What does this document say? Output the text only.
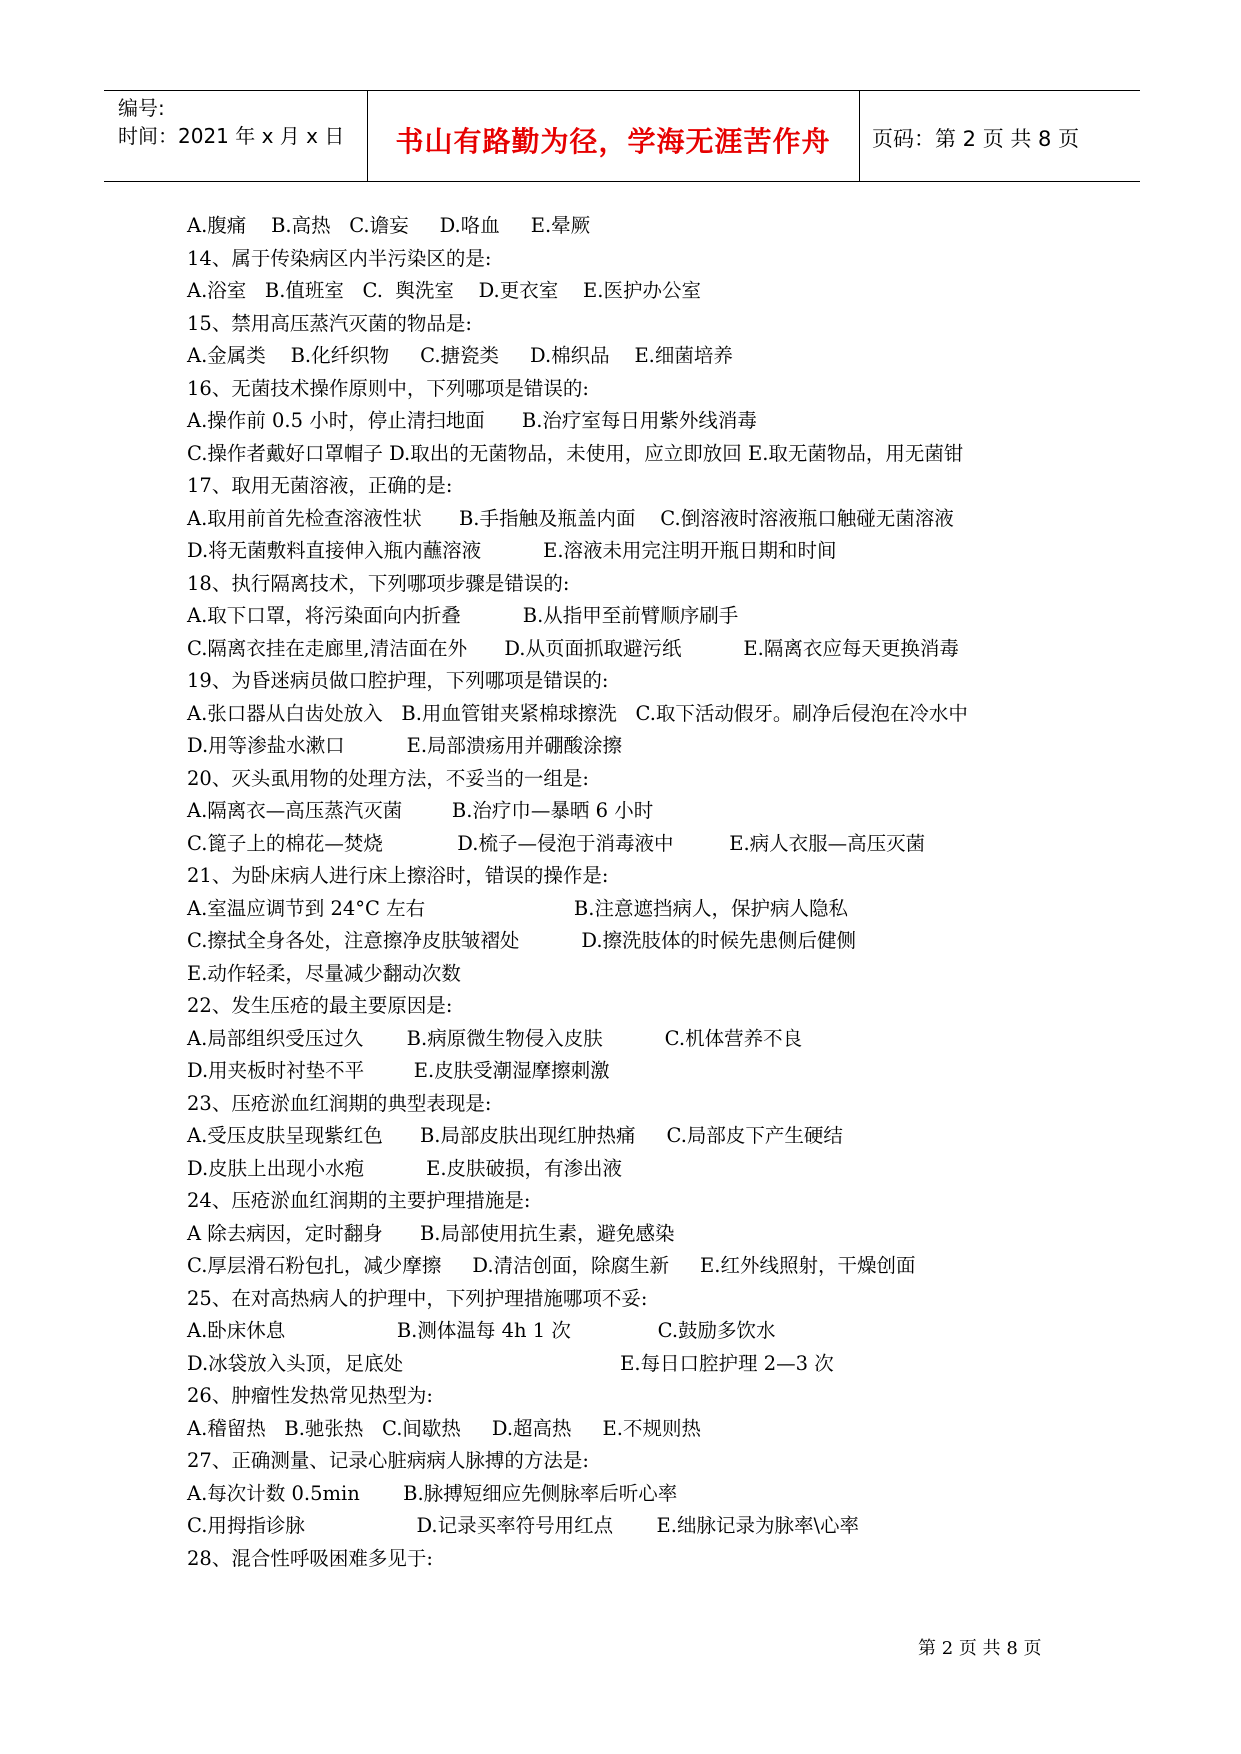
编号:
时间：2021 年 x 月 x 日	书山有路勤为径，学海无涯苦作舟	页码：第 2 页 共 8 页
A.腹痛    B.高热   C.谵妄     D.咯血     E.晕厥
14、属于传染病区内半污染区的是:
A.浴室   B.值班室   C.  舆洗室    D.更衣室    E.医护办公室
15、禁用高压蒸汽灭菌的物品是:
A.金属类    B.化纤织物     C.搪瓷类     D.棉织品    E.细菌培养
16、无菌技术操作原则中，下列哪项是错误的:
A.操作前 0.5 小时，停止清扫地面      B.治疗室每日用紫外线消毒
C.操作者戴好口罩帽子 D.取出的无菌物品，未使用，应立即放回 E.取无菌物品，用无菌钳
17、取用无菌溶液，正确的是:
A.取用前首先检查溶液性状      B.手指触及瓶盖内面    C.倒溶液时溶液瓶口触碰无菌溶液
D.将无菌敷料直接伸入瓶内蘸溶液          E.溶液未用完注明开瓶日期和时间
18、执行隔离技术，下列哪项步骤是错误的:
A.取下口罩，将污染面向内折叠          B.从指甲至前臂顺序刷手
C.隔离衣挂在走廊里,清洁面在外      D.从页面抓取避污纸          E.隔离衣应每天更换消毒
19、为昏迷病员做口腔护理，下列哪项是错误的:
A.张口器从白齿处放入   B.用血管钳夹紧棉球擦洗   C.取下活动假牙。刷净后侵泡在冷水中
D.用等渗盐水漱口          E.局部溃疡用并硼酸涂擦
20、灭头虱用物的处理方法，不妥当的一组是:
A.隔离衣—高压蒸汽灭菌        B.治疗巾—暴晒 6 小时
C.篦子上的棉花—焚烧            D.梳子—侵泡于消毒液中         E.病人衣服—高压灭菌
21、为卧床病人进行床上擦浴时，错误的操作是:
A.室温应调节到 24°C 左右                        B.注意遮挡病人，保护病人隐私
C.擦拭全身各处，注意擦净皮肤皱褶处          D.擦洗肢体的时候先患侧后健侧
E.动作轻柔，尽量减少翻动次数
22、发生压疮的最主要原因是:
A.局部组织受压过久       B.病原微生物侵入皮肤          C.机体营养不良
D.用夹板时衬垫不平        E.皮肤受潮湿摩擦刺激
23、压疮淤血红润期的典型表现是:
A.受压皮肤呈现紫红色      B.局部皮肤出现红肿热痛     C.局部皮下产生硬结
D.皮肤上出现小水疱          E.皮肤破损，有渗出液
24、压疮淤血红润期的主要护理措施是:
A 除去病因，定时翻身      B.局部使用抗生素，避免感染
C.厚层滑石粉包扎，减少摩擦     D.清洁创面，除腐生新     E.红外线照射，干燥创面
25、在对高热病人的护理中，下列护理措施哪项不妥:
A.卧床休息                  B.测体温每 4h 1 次              C.鼓励多饮水
D.冰袋放入头顶，足底处                                   E.每日口腔护理 2—3 次
26、肿瘤性发热常见热型为:
A.稽留热   B.驰张热   C.间歇热     D.超高热     E.不规则热
27、正确测量、记录心脏病病人脉搏的方法是:
A.每次计数 0.5min       B.脉搏短细应先侧脉率后听心率
C.用拇指诊脉                  D.记录买率符号用红点       E.绌脉记录为脉率\心率
28、混合性呼吸困难多见于:
第 2 页 共 8 页
